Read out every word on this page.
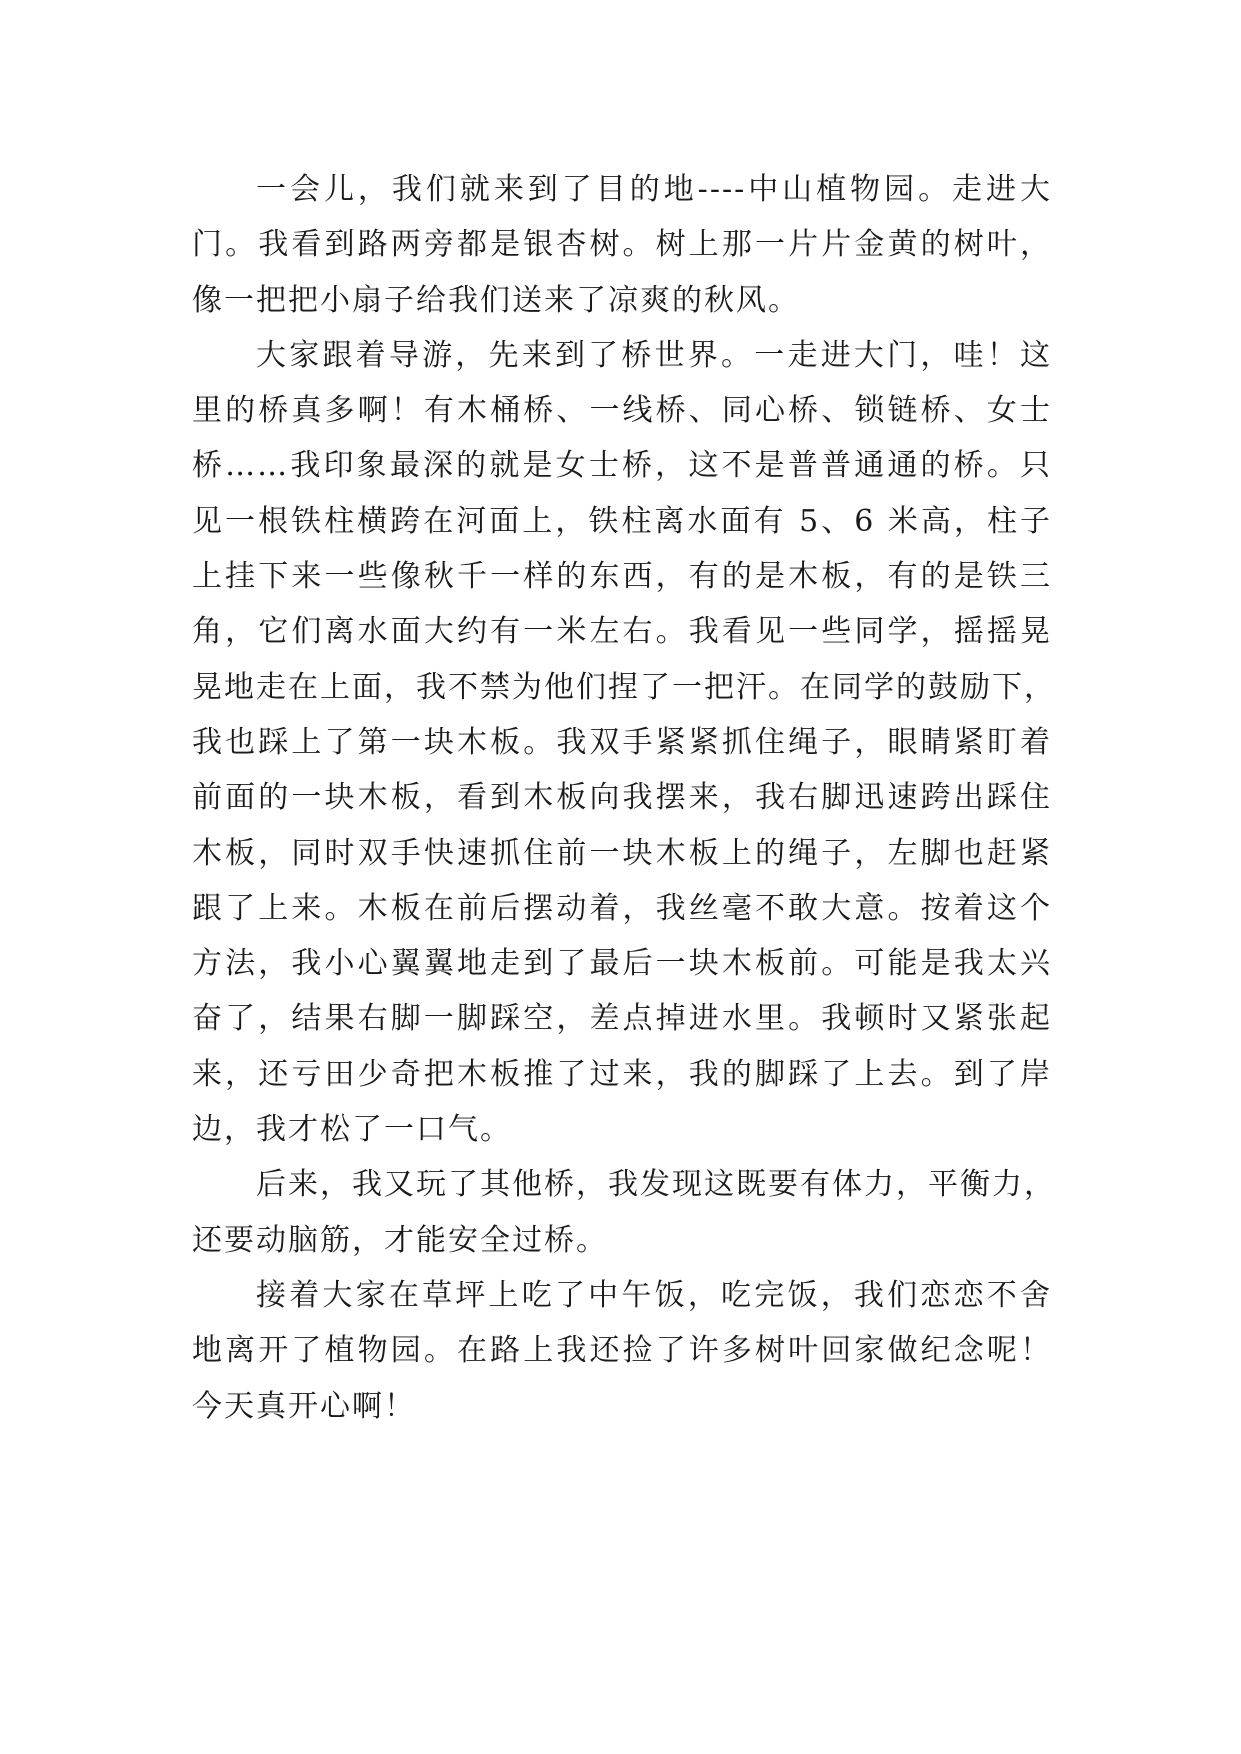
一会儿，我们就来到了目的地----中山植物园。走进大
门。我看到路两旁都是银杏树。树上那一片片金黄的树叶，
像一把把小扇子给我们送来了凉爽的秋风。
大家跟着导游，先来到了桥世界。一走进大门，哇！这
里的桥真多啊！有木桶桥、一线桥、同心桥、锁链桥、女士
桥……我印象最深的就是女士桥，这不是普普通通的桥。只
见一根铁柱横跨在河面上，铁柱离水面有 5、6 米高，柱子
上挂下来一些像秋千一样的东西，有的是木板，有的是铁三
角，它们离水面大约有一米左右。我看见一些同学，摇摇晃
晃地走在上面，我不禁为他们捏了一把汗。在同学的鼓励下，
我也踩上了第一块木板。我双手紧紧抓住绳子，眼睛紧盯着
前面的一块木板，看到木板向我摆来，我右脚迅速跨出踩住
木板，同时双手快速抓住前一块木板上的绳子，左脚也赶紧
跟了上来。木板在前后摆动着，我丝毫不敢大意。按着这个
方法，我小心翼翼地走到了最后一块木板前。可能是我太兴
奋了，结果右脚一脚踩空，差点掉进水里。我顿时又紧张起
来，还亏田少奇把木板推了过来，我的脚踩了上去。到了岸
边，我才松了一口气。
后来，我又玩了其他桥，我发现这既要有体力，平衡力，
还要动脑筋，才能安全过桥。
接着大家在草坪上吃了中午饭，吃完饭，我们恋恋不舍
地离开了植物园。在路上我还捡了许多树叶回家做纪念呢！
今天真开心啊！
